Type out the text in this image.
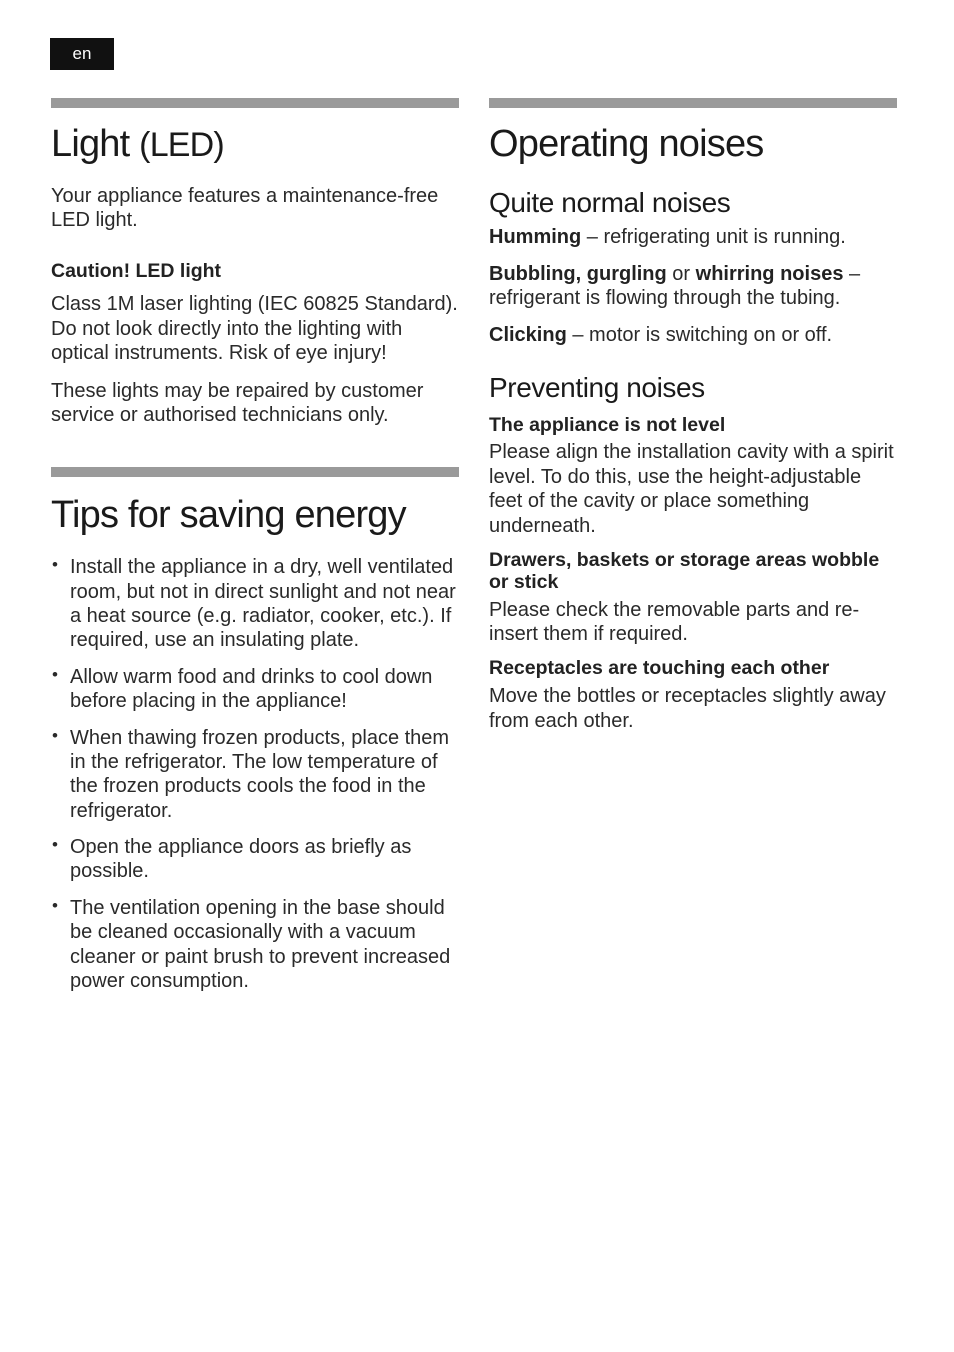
en
Light (LED)

Your appliance features a maintenance-free LED light.

Caution! LED light

Class 1M laser lighting (IEC 60825 Standard). Do not look directly into the lighting with optical instruments. Risk of eye injury!

These lights may be repaired by customer service or authorised technicians only.

Tips for saving energy
• Install the appliance in a dry, well ventilated room, but not in direct sunlight and not near a heat source (e.g. radiator, cooker, etc.). If required, use an insulating plate.
• Allow warm food and drinks to cool down before placing in the appliance!
• When thawing frozen products, place them in the refrigerator. The low temperature of the frozen products cools the food in the refrigerator.
• Open the appliance doors as briefly as possible.
• The ventilation opening in the base should be cleaned occasionally with a vacuum cleaner or paint brush to prevent increased power consumption.
Operating noises
Quite normal noises

Humming – refrigerating unit is running.

Bubbling, gurgling or whirring noises – refrigerant is flowing through the tubing.

Clicking – motor is switching on or off.

Preventing noises
The appliance is not level

Please align the installation cavity with a spirit level. To do this, use the height-adjustable feet of the cavity or place something underneath.

Drawers, baskets or storage areas wobble or stick

Please check the removable parts and re-insert them if required.

Receptacles are touching each other

Move the bottles or receptacles slightly away from each other.
